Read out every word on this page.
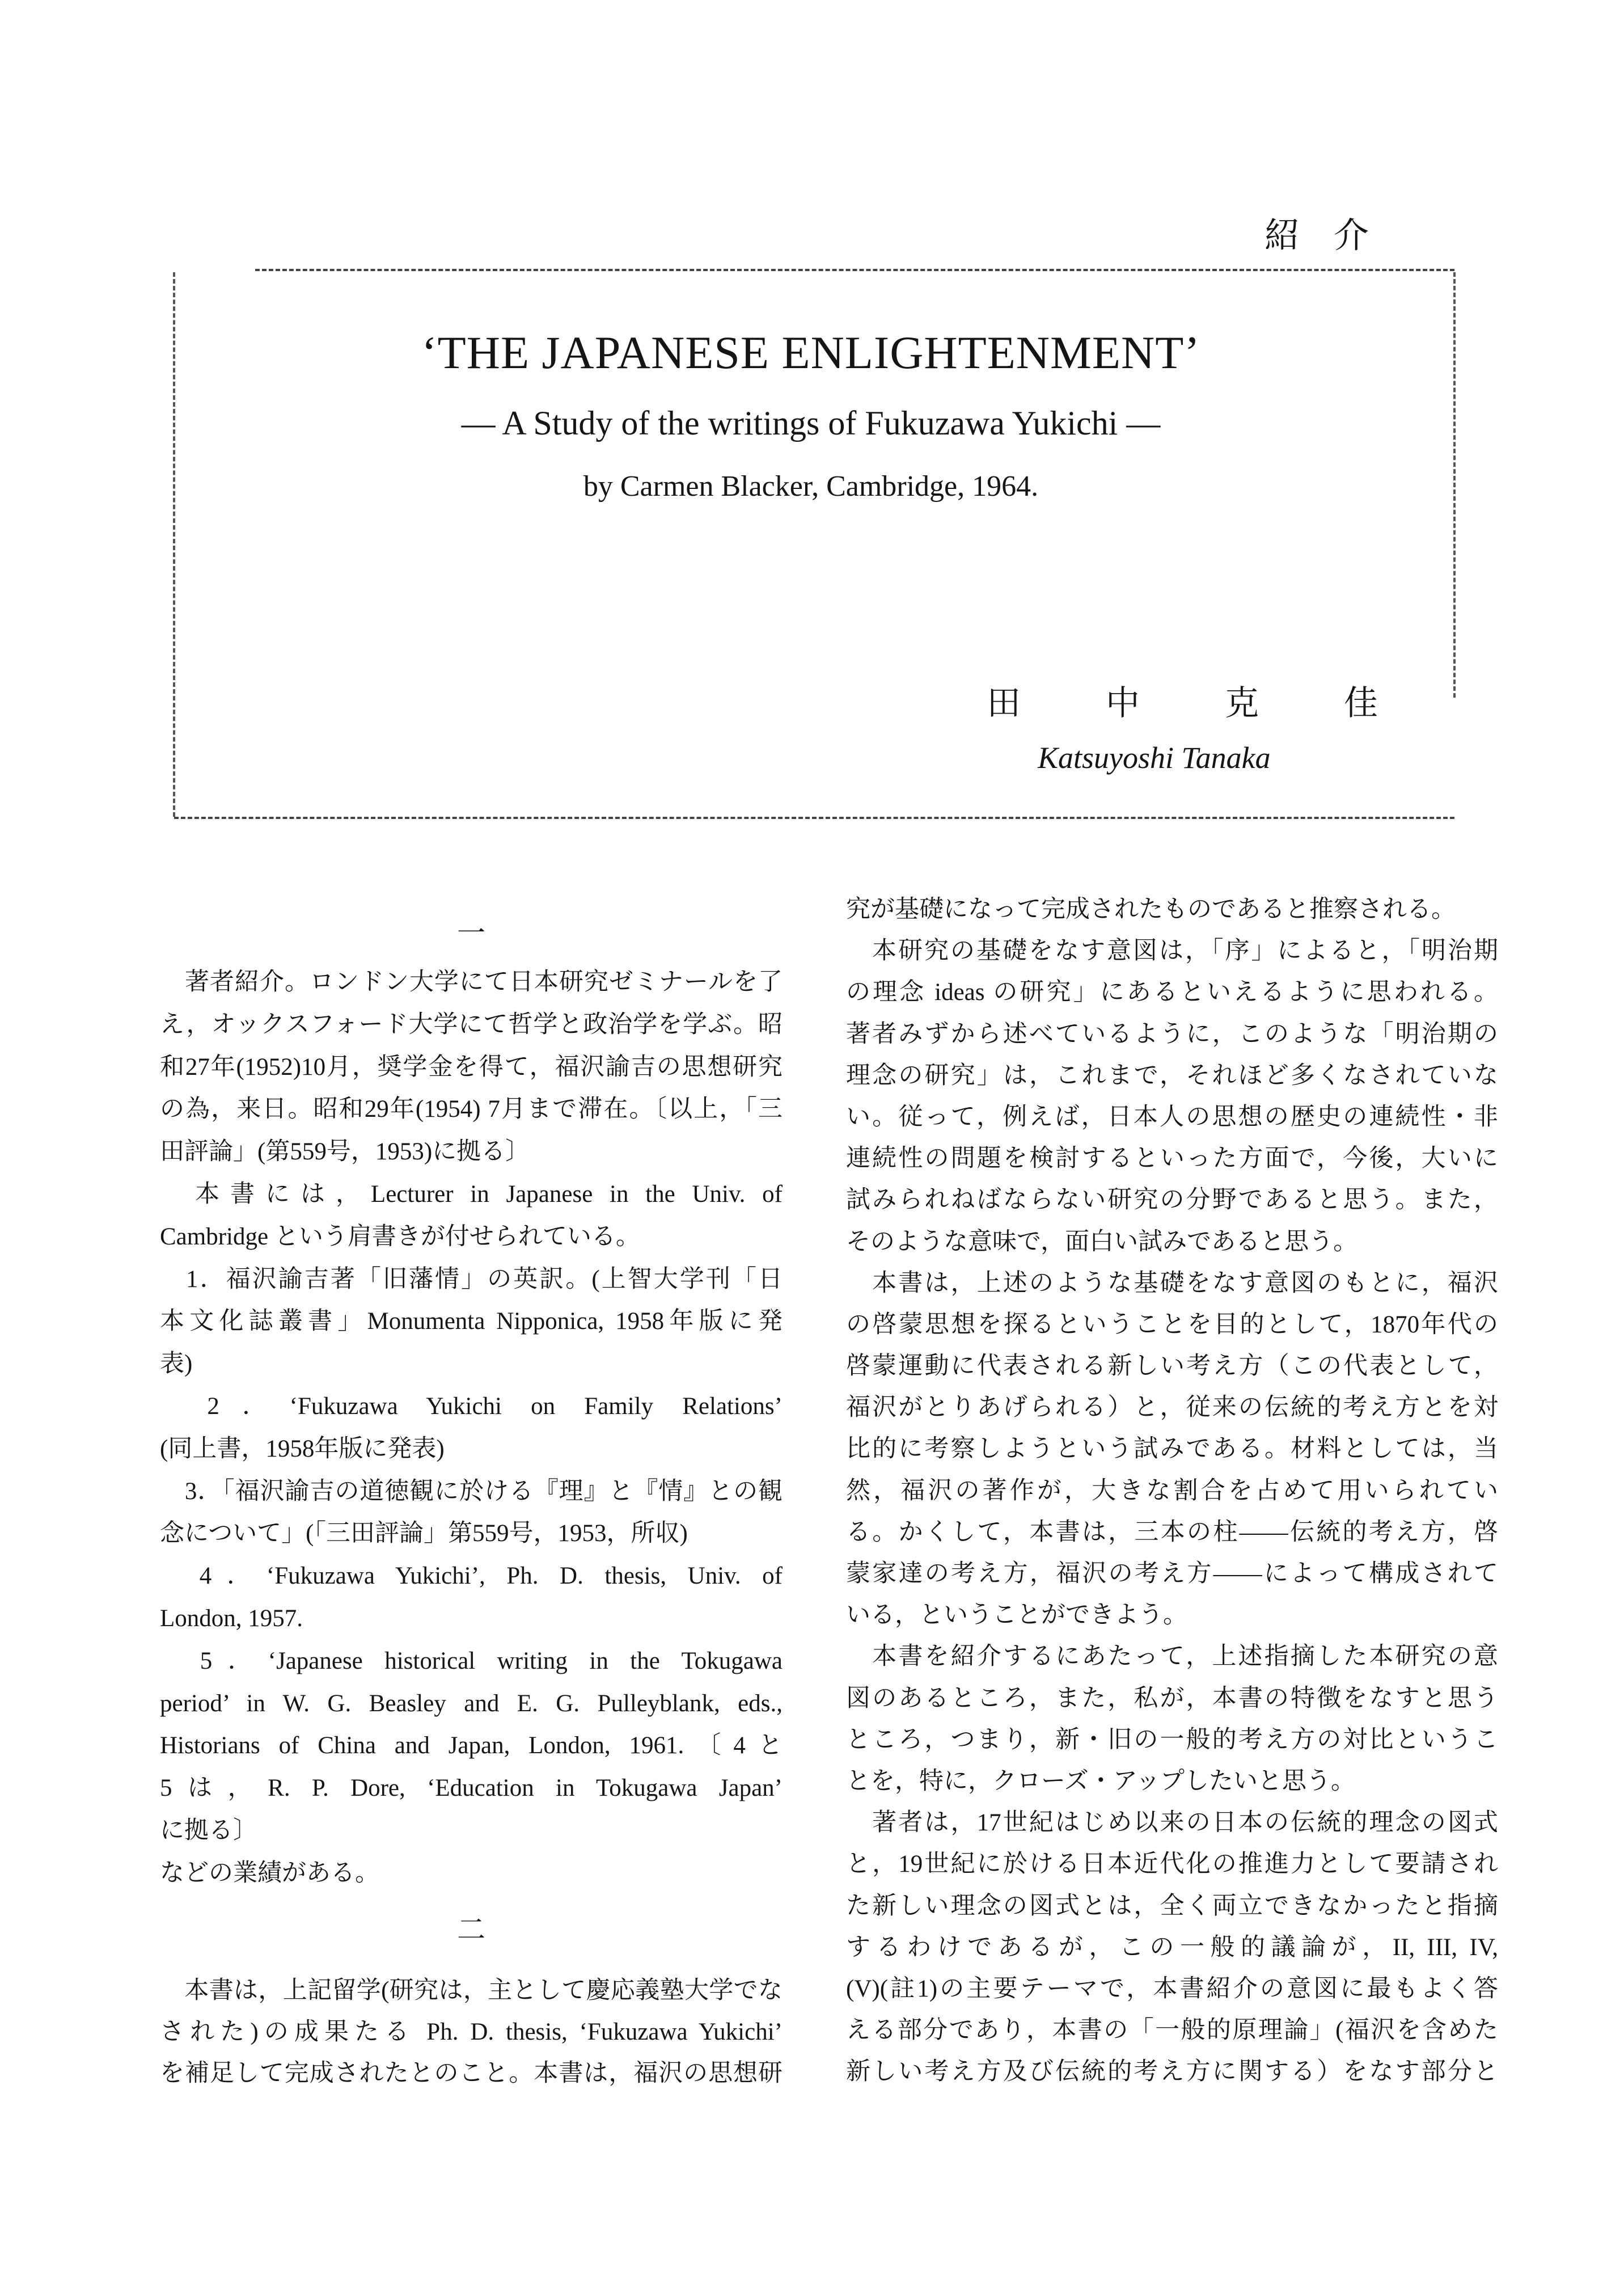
紹介
‘THE JAPANESE ENLIGHTENMENT’
— A Study of the writings of Fukuzawa Yukichi —
by Carmen Blacker, Cambridge, 1964.
田中克佳
Katsuyoshi Tanaka
一
　著者紹介。ロンドン大学にて日本研究ゼミナールを了
え，オックスフォード大学にて哲学と政治学を学ぶ。昭
和27年(1952)10月，奨学金を得て，福沢諭吉の思想研究
の為，来日。昭和29年(1954) 7月まで滞在。〔以上，「三
田評論」(第559号，1953)に拠る〕
　本書には，Lecturer in Japanese in the Univ. of
Cambridge という肩書きが付せられている。
　1．福沢諭吉著「旧藩情」の英訳。(上智大学刊「日
本文化誌叢書」Monumenta Nipponica, 1958年版に発
表)
　2．‘Fukuzawa Yukichi on Family Relations’
(同上書，1958年版に発表)
　3．「福沢諭吉の道徳観に於ける『理』と『情』との観
念について」(「三田評論」第559号，1953，所収)
　4．‘Fukuzawa Yukichi’, Ph. D. thesis, Univ. of
London, 1957.
　5．‘Japanese historical writing in the Tokugawa
period’ in W. G. Beasley and E. G. Pulleyblank, eds.,
Historians of China and Japan, London, 1961.〔4と
5は，R. P. Dore, ‘Education in Tokugawa Japan’
に拠る〕
などの業績がある。
二
　本書は，上記留学(研究は，主として慶応義塾大学でな
された)の成果たる Ph. D. thesis, ‘Fukuzawa Yukichi’
を補足して完成されたとのこと。本書は，福沢の思想研
究が基礎になって完成されたものであると推察される。
　本研究の基礎をなす意図は，「序」によると，「明治期
の理念 ideas の研究」にあるといえるように思われる。
著者みずから述べているように，このような「明治期の
理念の研究」は，これまで，それほど多くなされていな
い。従って，例えば，日本人の思想の歴史の連続性・非
連続性の問題を検討するといった方面で，今後，大いに
試みられねばならない研究の分野であると思う。また，
そのような意味で，面白い試みであると思う。
　本書は，上述のような基礎をなす意図のもとに，福沢
の啓蒙思想を探るということを目的として，1870年代の
啓蒙運動に代表される新しい考え方（この代表として，
福沢がとりあげられる）と，従来の伝統的考え方とを対
比的に考察しようという試みである。材料としては，当
然，福沢の著作が，大きな割合を占めて用いられてい
る。かくして，本書は，三本の柱――伝統的考え方，啓
蒙家達の考え方，福沢の考え方――によって構成されて
いる，ということができよう。
　本書を紹介するにあたって，上述指摘した本研究の意
図のあるところ，また，私が，本書の特徴をなすと思う
ところ，つまり，新・旧の一般的考え方の対比というこ
とを，特に，クローズ・アップしたいと思う。
　著者は，17世紀はじめ以来の日本の伝統的理念の図式
と，19世紀に於ける日本近代化の推進力として要請され
た新しい理念の図式とは，全く両立できなかったと指摘
するわけであるが，この一般的議論が，II, III, IV,
(V)(註1)の主要テーマで，本書紹介の意図に最もよく答
える部分であり，本書の「一般的原理論」(福沢を含めた
新しい考え方及び伝統的考え方に関する）をなす部分と
